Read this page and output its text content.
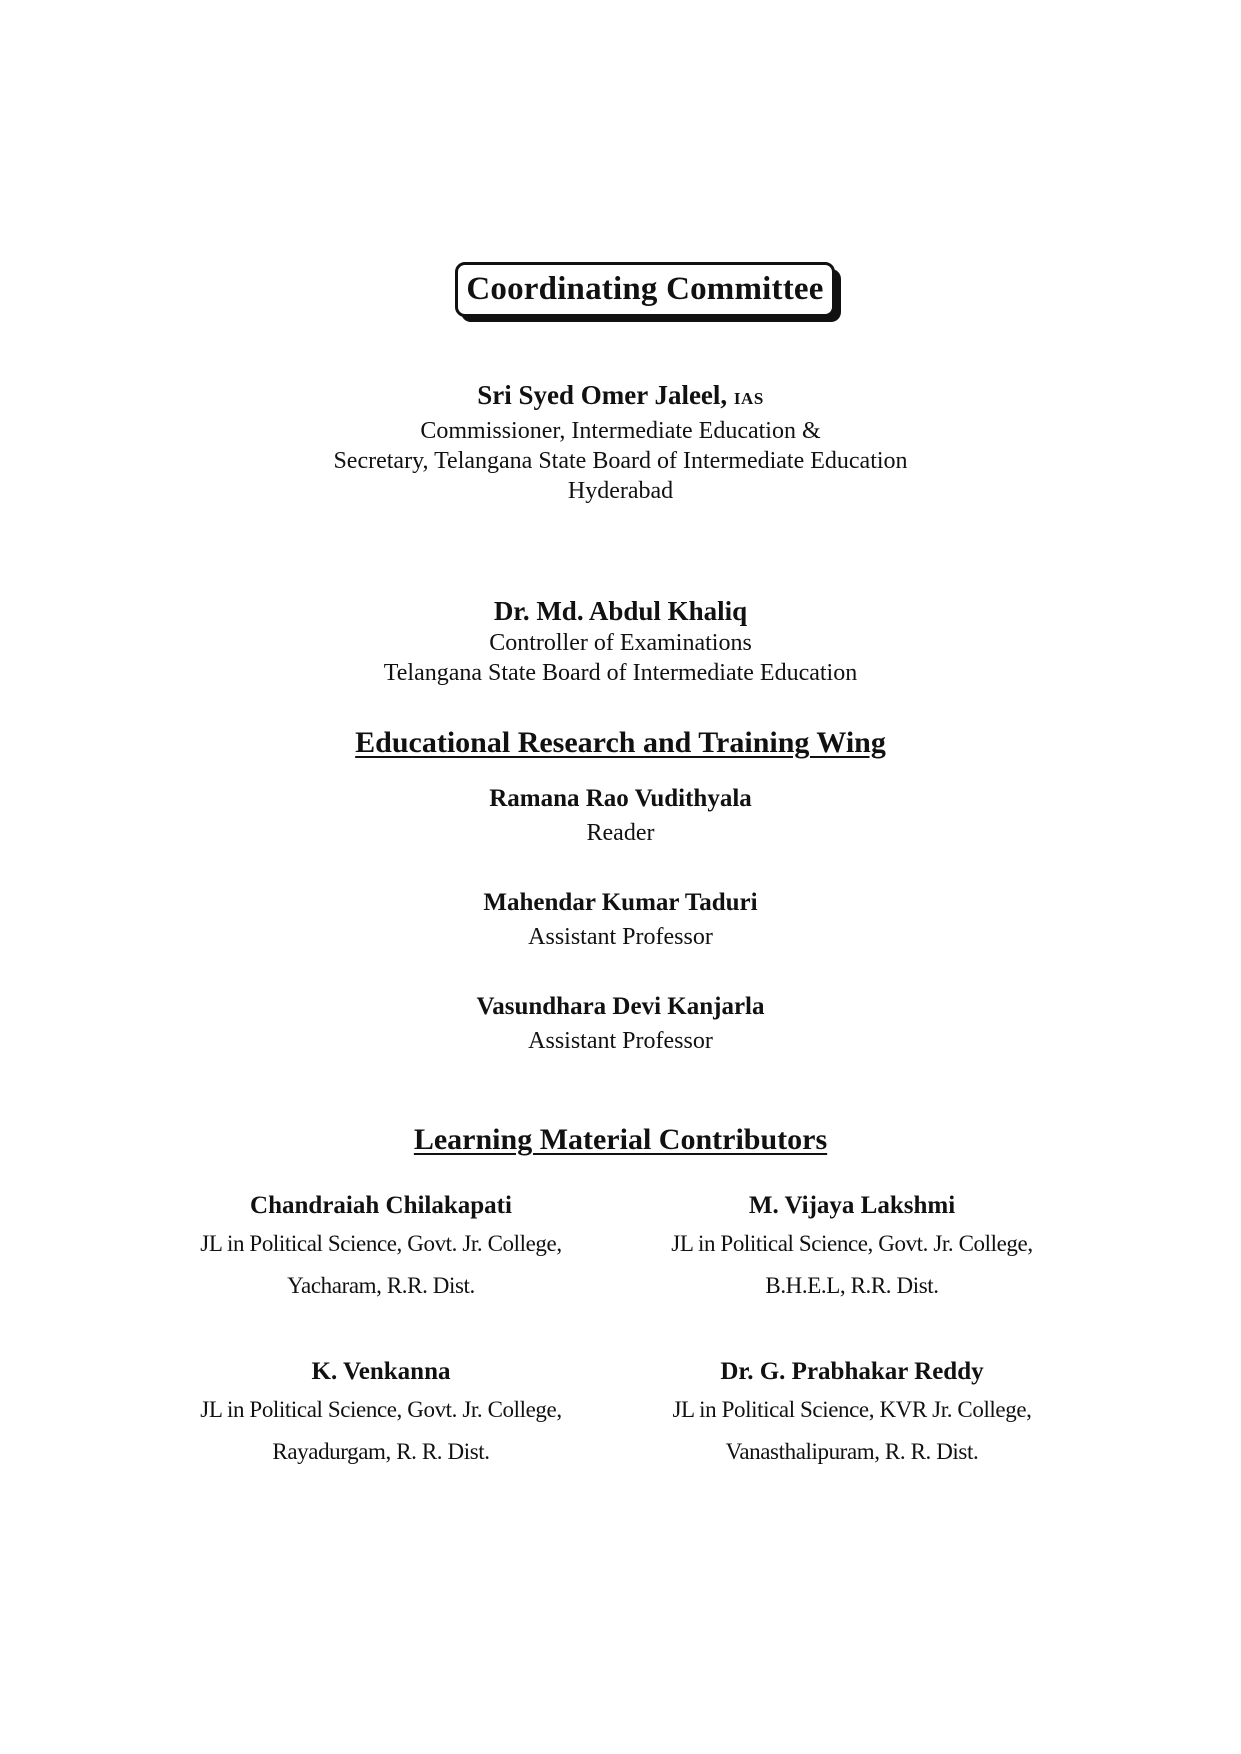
Coordinating Committee
Sri Syed Omer Jaleel, IAS
Commissioner, Intermediate Education &
Secretary, Telangana State Board of Intermediate Education
Hyderabad
Dr. Md. Abdul Khaliq
Controller of Examinations
Telangana State Board of Intermediate Education
Educational Research and Training Wing
Ramana Rao Vudithyala
Reader
Mahendar Kumar Taduri
Assistant Professor
Vasundhara Devi Kanjarla
Assistant Professor
Learning Material Contributors
Chandraiah Chilakapati
JL in Political Science, Govt. Jr. College,
Yacharam, R.R. Dist.
M. Vijaya Lakshmi
JL in Political Science, Govt. Jr. College,
B.H.E.L, R.R. Dist.
K. Venkanna
JL in Political Science, Govt. Jr. College,
Rayadurgam, R. R. Dist.
Dr. G. Prabhakar Reddy
JL in Political Science, KVR Jr. College,
Vanasthalipuram, R. R. Dist.
